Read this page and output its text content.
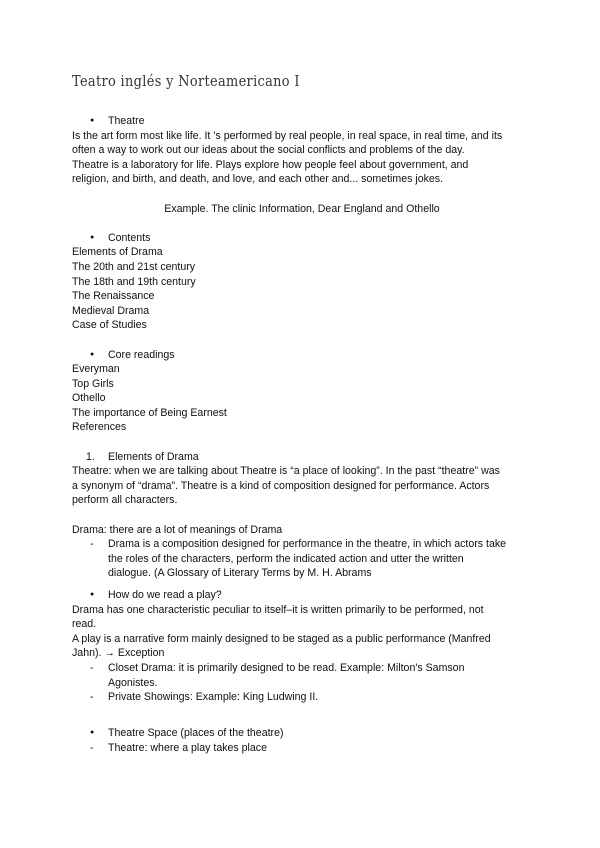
Teatro inglés y Norteamericano I
● Theatre

Is the art form most like life. It ’s performed by real people, in real space, in real time, and its

often a way to work out our ideas about the social conflicts and problems of the day.

Theatre is a laboratory for life. Plays explore how people feel about government, and

religion, and birth, and death, and love, and each other and... sometimes jokes.

Example. The clinic Information, Dear England and Othello

● Contents

Elements of Drama

The 20th and 21st century

The 18th and 19th century

The Renaissance

Medieval Drama

Case of Studies

● Core readings

Everyman

Top Girls

Othello

The importance of Being Earnest

References

1. Elements of Drama

Theatre: when we are talking about Theatre is “a place of looking”. In the past “theatre” was

a synonym of “drama”. Theatre is a kind of composition designed for performance. Actors

perform all characters.

Drama: there are a lot of meanings of Drama

- Drama is a composition designed for performance in the theatre, in which actors take

the roles of the characters, perform the indicated action and utter the written

dialogue. (A Glossary of Literary Terms by M. H. Abrams

● How do we read a play?

Drama has one characteristic peculiar to itself–it is written primarily to be performed, not

read.

A play is a narrative form mainly designed to be staged as a public performance (Manfred

Jahn). → Exception

- Closet Drama: it is primarily designed to be read. Example: Milton's Samson

Agonistes.

- Private Showings: Example: King Ludwing II.

● Theatre Space (places of the theatre)

- Theatre: where a play takes place
